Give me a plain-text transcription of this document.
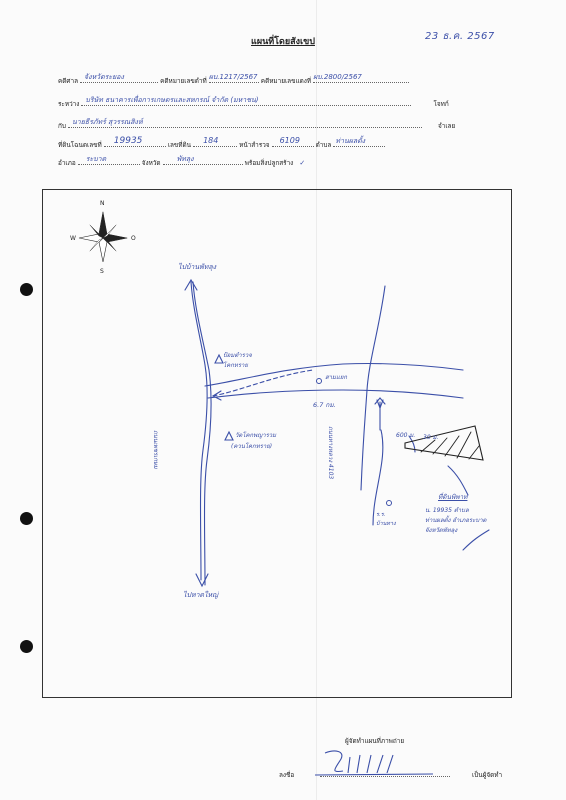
แผนที่โดยสังเขป	23 ธ.ค. 2567
คดีศาล จังหวัดระยอง	คดีหมายเลขดำที่ ผบ.1217/2567 คดีหมายเลขแดงที่ ผบ.2800/2567
ระหว่าง บริษัท ธนาคารเพื่อการเกษตรและสหกรณ์ จำกัด (มหาชน)	โจทก์
กับ นายธีรภัทร์ สุวรรณสิงห์	จำเลย
ที่ดินโฉนดเลขที่ 19935	เลขที่ดิน 184	หน้าสำรวจ 6109 ตำบล ท่านผลตั้ง
อำเภอ ระบาด	จังหวัด พัทลุง	พร้อมสิ่งปลูกสร้าง ✓
N
S
W	O
ไปบ้านพัทลุง
ไปหาดใหญ่
ถนนเพชรเกษม
ป้อมตำรวจ
โคกทราย
วัดโคกพญารวม
(ควนโคกทราย)
สามแยก
6.7 กม.
ถนนทางหลวง 4103	600 ม. 30 ม.
ร.ร.
บ้านทาง
ที่ดินพิพาท
น. 19935 ตำบล
ท่านผลตั้ง อำเภอระบาด
จังหวัดพัทลุง
ผู้จัดทำแผนที่ภาพถ่าย
ลงชื่อ	เป็นผู้จัดทำ
